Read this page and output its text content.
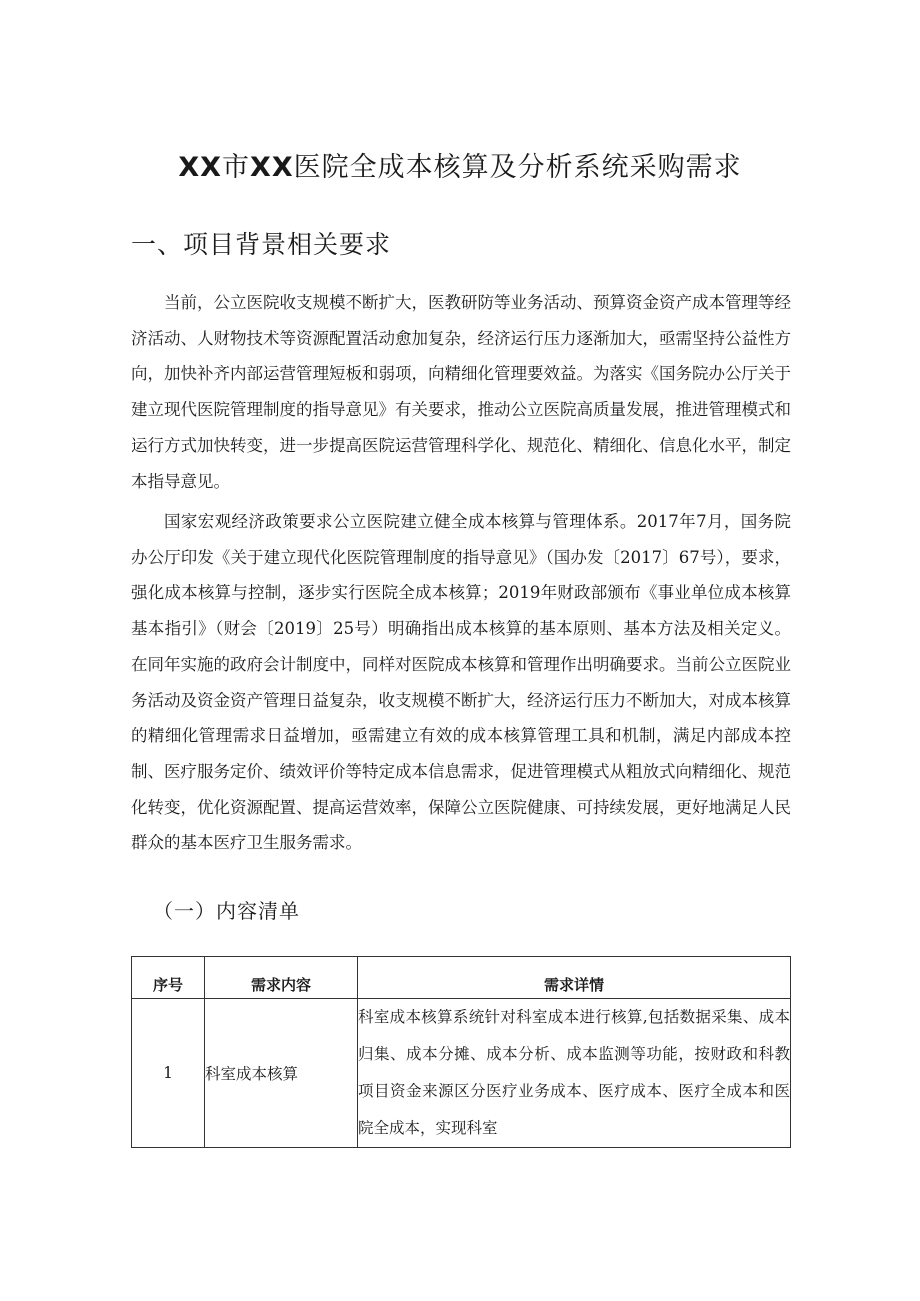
XX市XX医院全成本核算及分析系统采购需求
一、项目背景相关要求

当前，公立医院收支规模不断扩大，医教研防等业务活动、预算资金资产成本管理等经济活动、人财物技术等资源配置活动愈加复杂，经济运行压力逐渐加大，亟需坚持公益性方向，加快补齐内部运营管理短板和弱项，向精细化管理要效益。为落实《国务院办公厅关于建立现代医院管理制度的指导意见》有关要求，推动公立医院高质量发展，推进管理模式和运行方式加快转变，进一步提高医院运营管理科学化、规范化、精细化、信息化水平，制定本指导意见。

国家宏观经济政策要求公立医院建立健全成本核算与管理体系。2017年7月，国务院办公厅印发《关于建立现代化医院管理制度的指导意见》（国办发〔2017〕67号），要求，强化成本核算与控制，逐步实行医院全成本核算；2019年财政部颁布《事业单位成本核算基本指引》（财会〔2019〕25号）明确指出成本核算的基本原则、基本方法及相关定义。在同年实施的政府会计制度中，同样对医院成本核算和管理作出明确要求。当前公立医院业务活动及资金资产管理日益复杂，收支规模不断扩大，经济运行压力不断加大，对成本核算的精细化管理需求日益增加，亟需建立有效的成本核算管理工具和机制，满足内部成本控制、医疗服务定价、绩效评价等特定成本信息需求，促进管理模式从粗放式向精细化、规范化转变，优化资源配置、提高运营效率，保障公立医院健康、可持续发展，更好地满足人民群众的基本医疗卫生服务需求。

（一）内容清单
序号	需求内容	需求详情
1	科室成本核算	科室成本核算系统针对科室成本进行核算,包括数据采集、成本归集、成本分摊、成本分析、成本监测等功能，按财政和科教项目资金来源区分医疗业务成本、医疗成本、医疗全成本和医院全成本，实现科室
